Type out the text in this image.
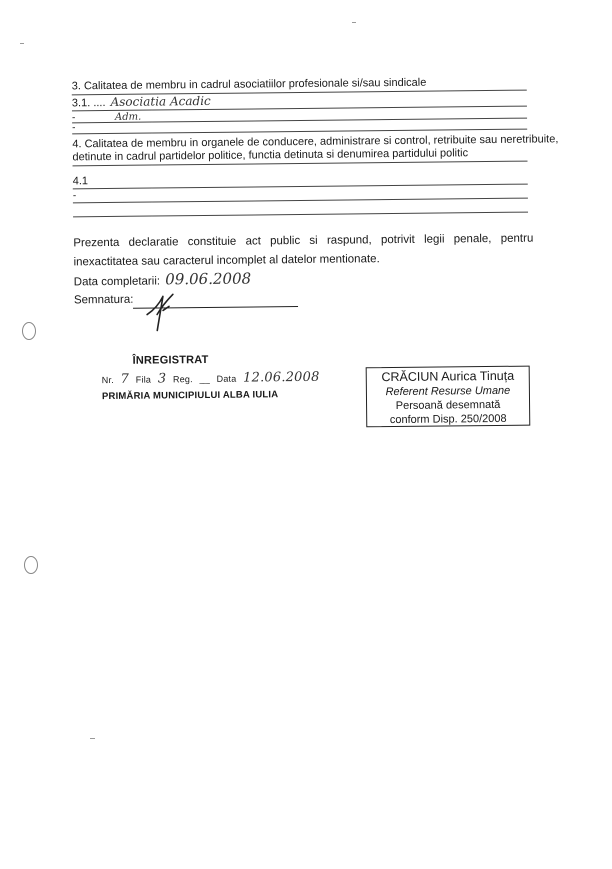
3. Calitatea de membru in cadrul asociatiilor profesionale si/sau sindicale
3.1. .... Asociatia Acadic
Adm.
-
-
4. Calitatea de membru in organele de conducere, administrare si control, retribuite sau neretribuite,
detinute in cadrul partidelor politice, functia detinuta si denumirea partidului politic
4.1
-
Prezenta declaratie constituie act public si raspund, potrivit legii penale, pentru inexactitatea sau caracterul incomplet al datelor mentionate.
Data completarii: 09.06.2008
Semnatura:
ÎNREGISTRAT
Nr. 7 Fila 3 Reg. __ Data 12.06.2008
PRIMĂRIA MUNICIPIULUI ALBA IULIA
CRĂCIUN Aurica Tinuța
Referent Resurse Umane
Persoană desemnată
conform Disp. 250/2008
